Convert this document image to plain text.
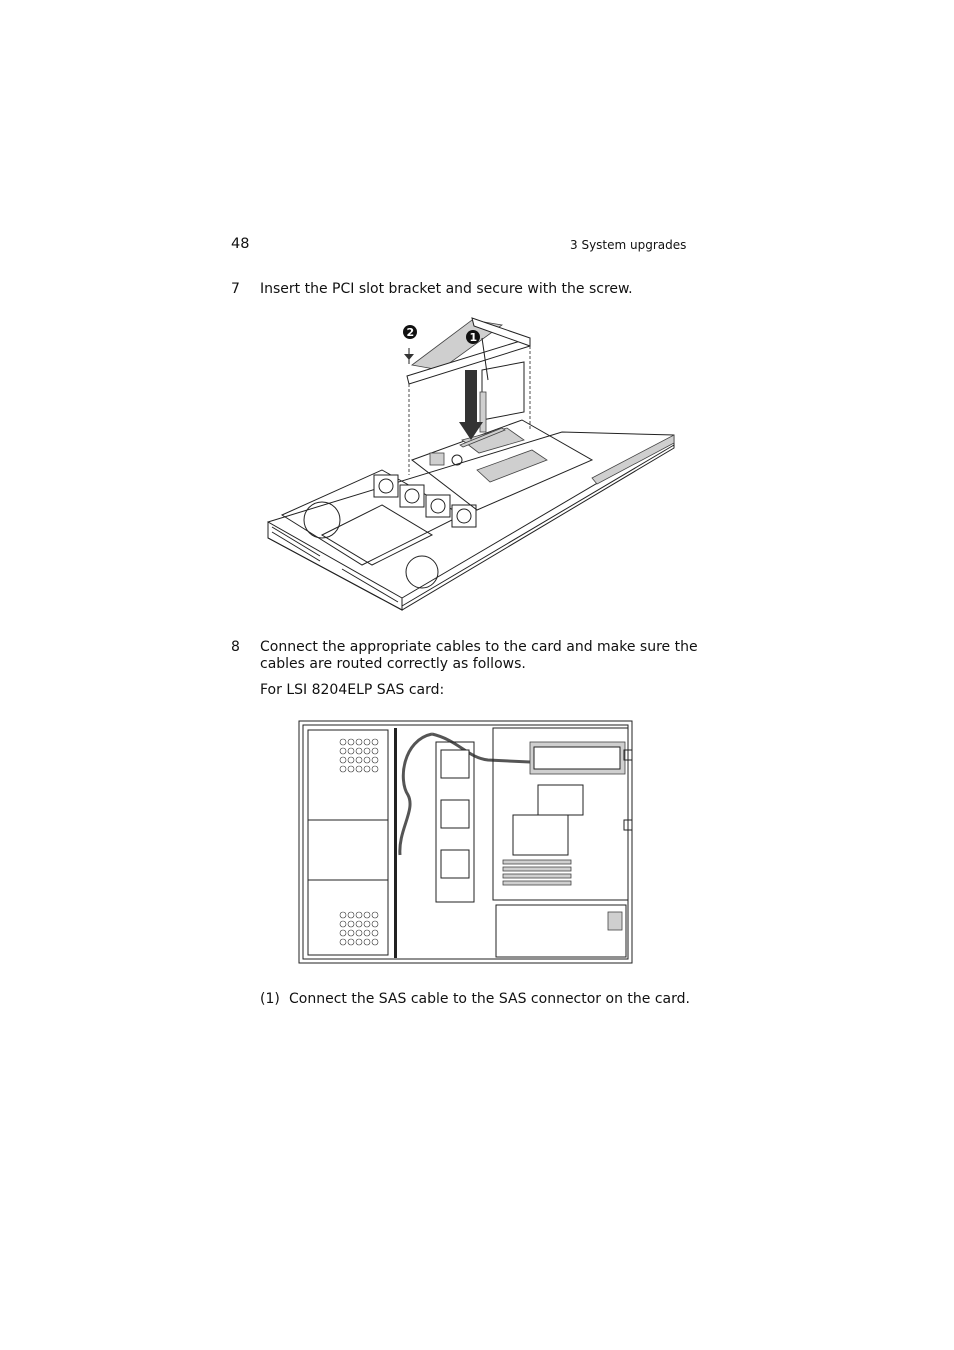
48	3 System upgrades
7 Insert the PCI slot bracket and secure with the screw.
2	1
8 Connect the appropriate cables to the card and make sure the cables are routed correctly as follows.
For LSI 8204ELP SAS card:
(1) Connect the SAS cable to the SAS connector on the card.
